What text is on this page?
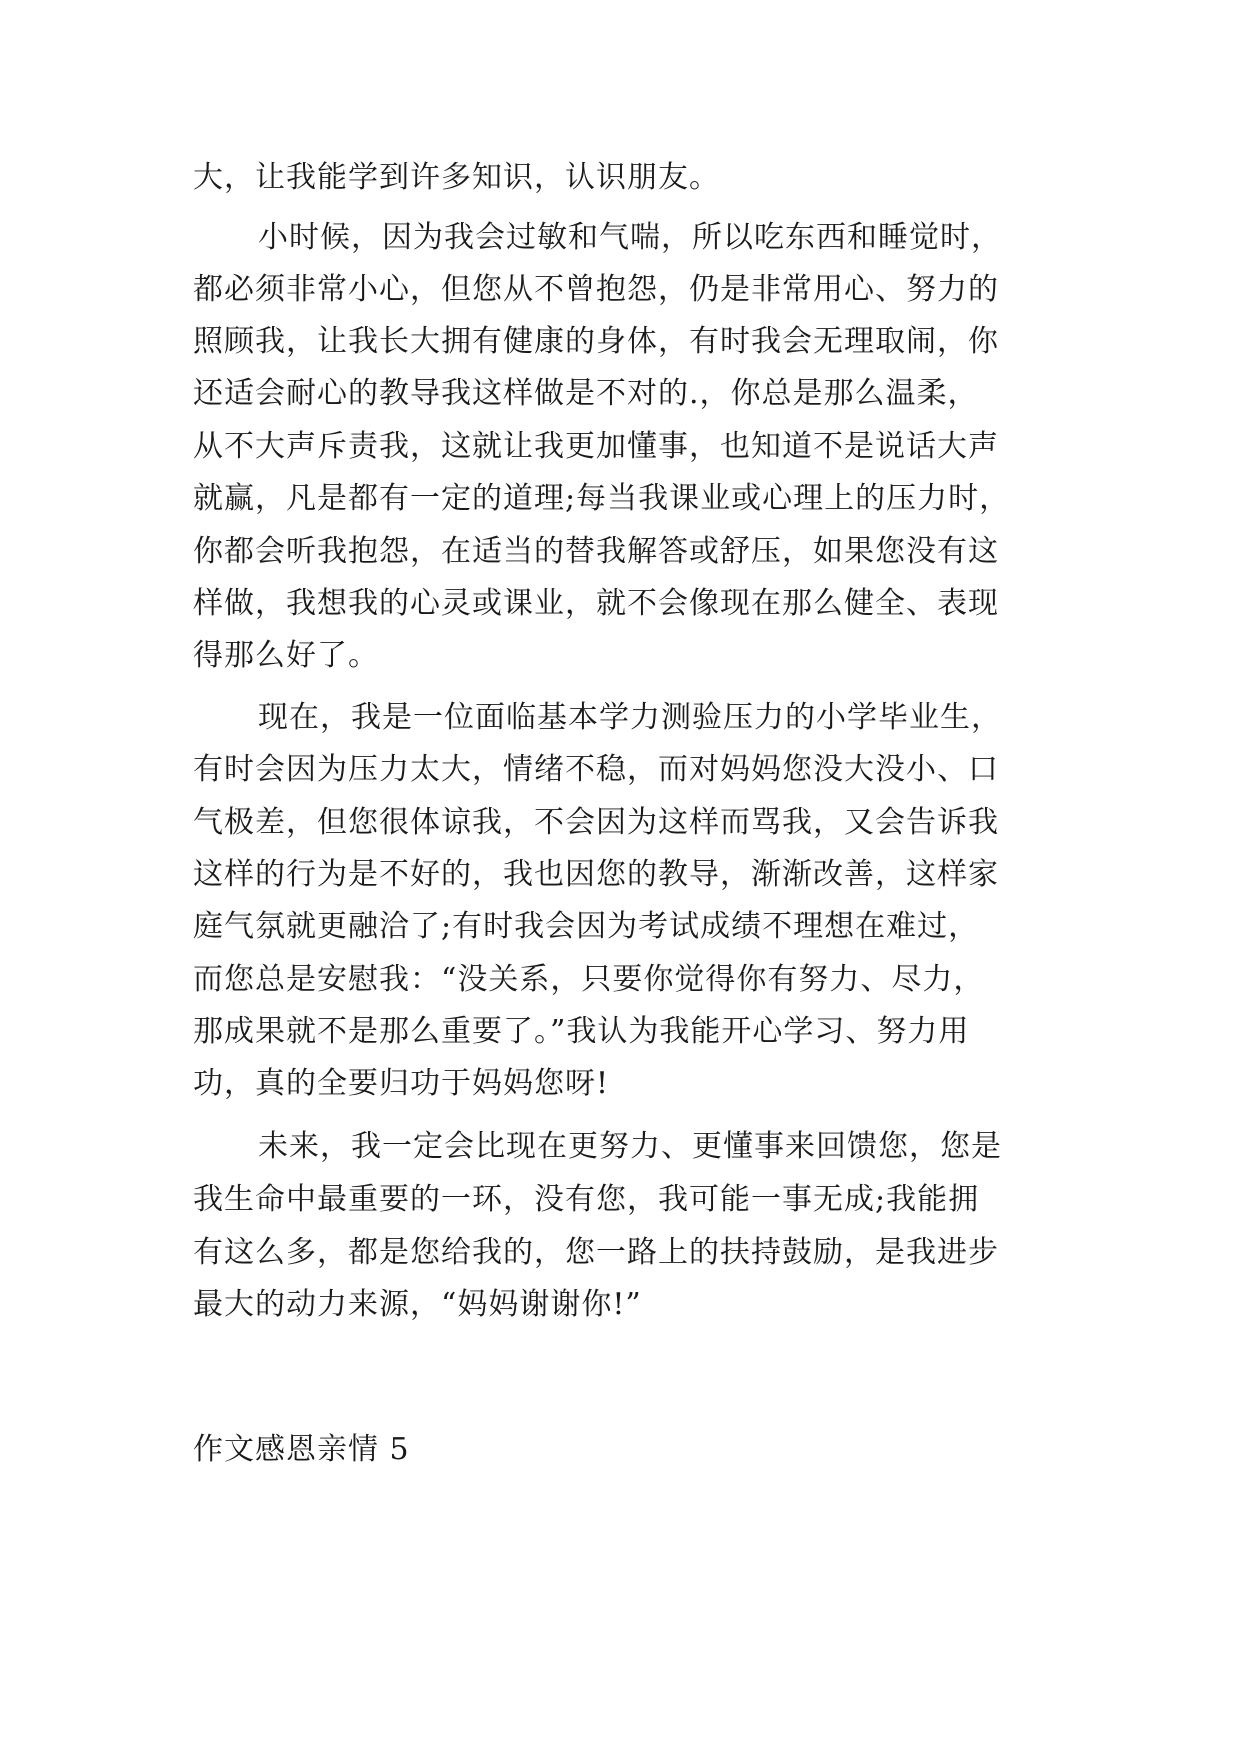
大，让我能学到许多知识，认识朋友。
小时候，因为我会过敏和气喘，所以吃东西和睡觉时，
都必须非常小心，但您从不曾抱怨，仍是非常用心、努力的
照顾我，让我长大拥有健康的身体，有时我会无理取闹，你
还适会耐心的教导我这样做是不对的.，你总是那么温柔，
从不大声斥责我，这就让我更加懂事，也知道不是说话大声
就赢，凡是都有一定的道理;每当我课业或心理上的压力时，
你都会听我抱怨，在适当的替我解答或舒压，如果您没有这
样做，我想我的心灵或课业，就不会像现在那么健全、表现
得那么好了。
现在，我是一位面临基本学力测验压力的小学毕业生，
有时会因为压力太大，情绪不稳，而对妈妈您没大没小、口
气极差，但您很体谅我，不会因为这样而骂我，又会告诉我
这样的行为是不好的，我也因您的教导，渐渐改善，这样家
庭气氛就更融洽了;有时我会因为考试成绩不理想在难过，
而您总是安慰我：“没关系，只要你觉得你有努力、尽力，
那成果就不是那么重要了。”我认为我能开心学习、努力用
功，真的全要归功于妈妈您呀!
未来，我一定会比现在更努力、更懂事来回馈您，您是
我生命中最重要的一环，没有您，我可能一事无成;我能拥
有这么多，都是您给我的，您一路上的扶持鼓励，是我进步
最大的动力来源，“妈妈谢谢你!”
作文感恩亲情 5
